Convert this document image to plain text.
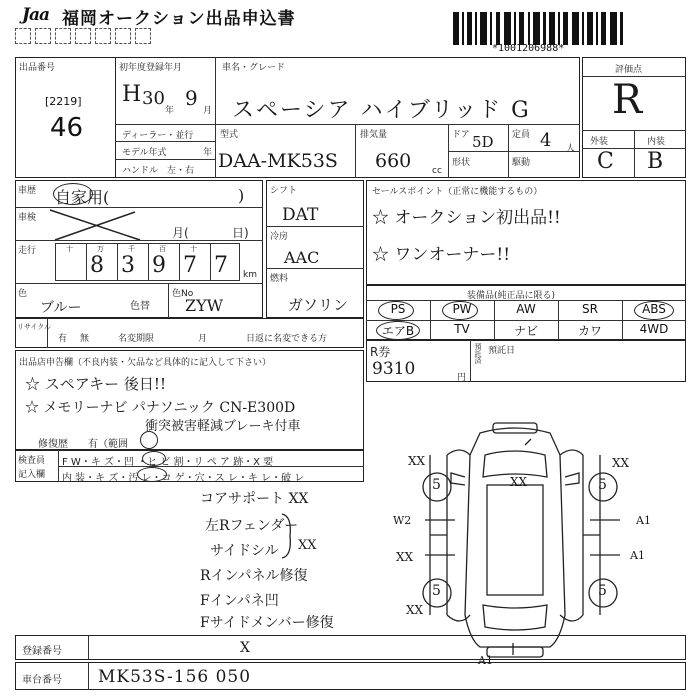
Jaa 福岡オークション出品申込書
*1001206988*
出品番号
[2219]
46
初年度登録年月
H 30
年
9
月
ディーラー・並行
モデル年式	年
ハンドル　左・右
車名・グレード
スペーシア ハイブリッド G
型式
DAA-MK53S
排気量
660 cc
ドア 5D 定員 4 人
形状	駆動
評価点
R
外装	内装
C B
車歴 自家用(	)
車検
月(	日)
走行	十	万	千	百	十
8 3 9 7 7 km
色
ブルー	色替
色No
ZYW
シフト
DAT
冷房
AAC
燃料
ガソリン
セールスポイント（正常に機能するもの）
☆ オークション初出品!!
☆ ワンオーナー!!
装備品(純正品に限る)
PS	PW	AW	SR	ABS
エアB	TV	ナビ	カワ	4WD
リサイクル
有 無	名変期限	月	日返に名変できる方
R券
9310	円
預託済 預託日
出品店申告欄（不良内装・欠品など具体的に記入して下さい）
☆ スペアキー 後日!!
☆ メモリーナビ パナソニック CN-E300D
衝突被害軽減ブレーキ付車
修復歴　　有（範囲
検査員
記入欄
F W・キ ズ・凹 ・ヒ ビ 割・リ ペ ア 跡・X 要
内 装・キ ズ・汚 レ・コ ゲ・穴・ス レ・キ レ・破 レ
コアサポート XX
左Rフェンダー
サイドシル XX
Rインパネル修復
Fインパネ凹
Fサイドメンバー修復
5	5
5	5
XX
XX
XX
W2
XX
XX
A1
A1
A1
登録番号	X
車台番号 MK53S-156 050
